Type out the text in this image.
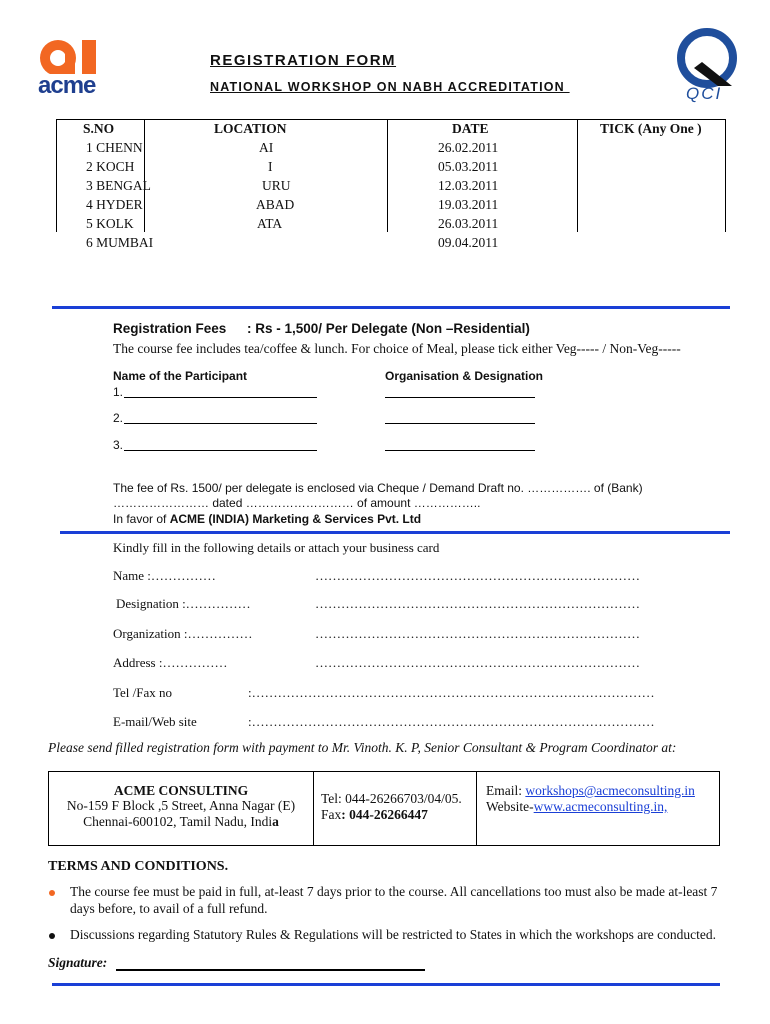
acme	QCI
REGISTRATION FORM
NATIONAL WORKSHOP ON NABH ACCREDITATION
S.NO	LOCATION	DATE	TICK (Any One )
1 CHENN	AI	26.02.2011
2 KOCH	I	05.03.2011
3 BENGAL	URU	12.03.2011
4 HYDER	ABAD	19.03.2011
5 KOLK	ATA	26.03.2011
6 MUMBAI	09.04.2011
Registration Fees : Rs - 1,500/ Per Delegate (Non –Residential)
The course fee includes tea/coffee & lunch. For choice of Meal, please tick either Veg----- / Non-Veg-----
Name of the Participant	Organisation & Designation
1.
2.
3.
The fee of Rs. 1500/ per delegate is enclosed via Cheque / Demand Draft no. ……………. of (Bank)
…………………… dated ……………………… of amount ……………..
In favor of ACME (INDIA) Marketing & Services Pvt. Ltd
Kindly fill in the following details or attach your business card
Name :……………	…………………………………………………………………
Designation :……………	…………………………………………………………………
Organization :……………	…………………………………………………………………
Address :……………	…………………………………………………………………
Tel /Fax no	:…………………………………………………………………………………
E-mail/Web site	:…………………………………………………………………………………
Please send filled registration form with payment to Mr. Vinoth. K. P, Senior Consultant & Program Coordinator at:
ACME CONSULTING
No-159 F Block ,5 Street, Anna Nagar (E)
Chennai-600102, Tamil Nadu, India
Tel: 044-26266703/04/05.
Fax: 044-26266447
Email: workshops@acmeconsulting.in
Website-www.acmeconsulting.in,
TERMS AND CONDITIONS.
The course fee must be paid in full, at-least 7 days prior to the course. All cancellations too must also be made at-least 7
days before, to avail of a full refund.
Discussions regarding Statutory Rules & Regulations will be restricted to States in which the workshops are conducted.
Signature:
